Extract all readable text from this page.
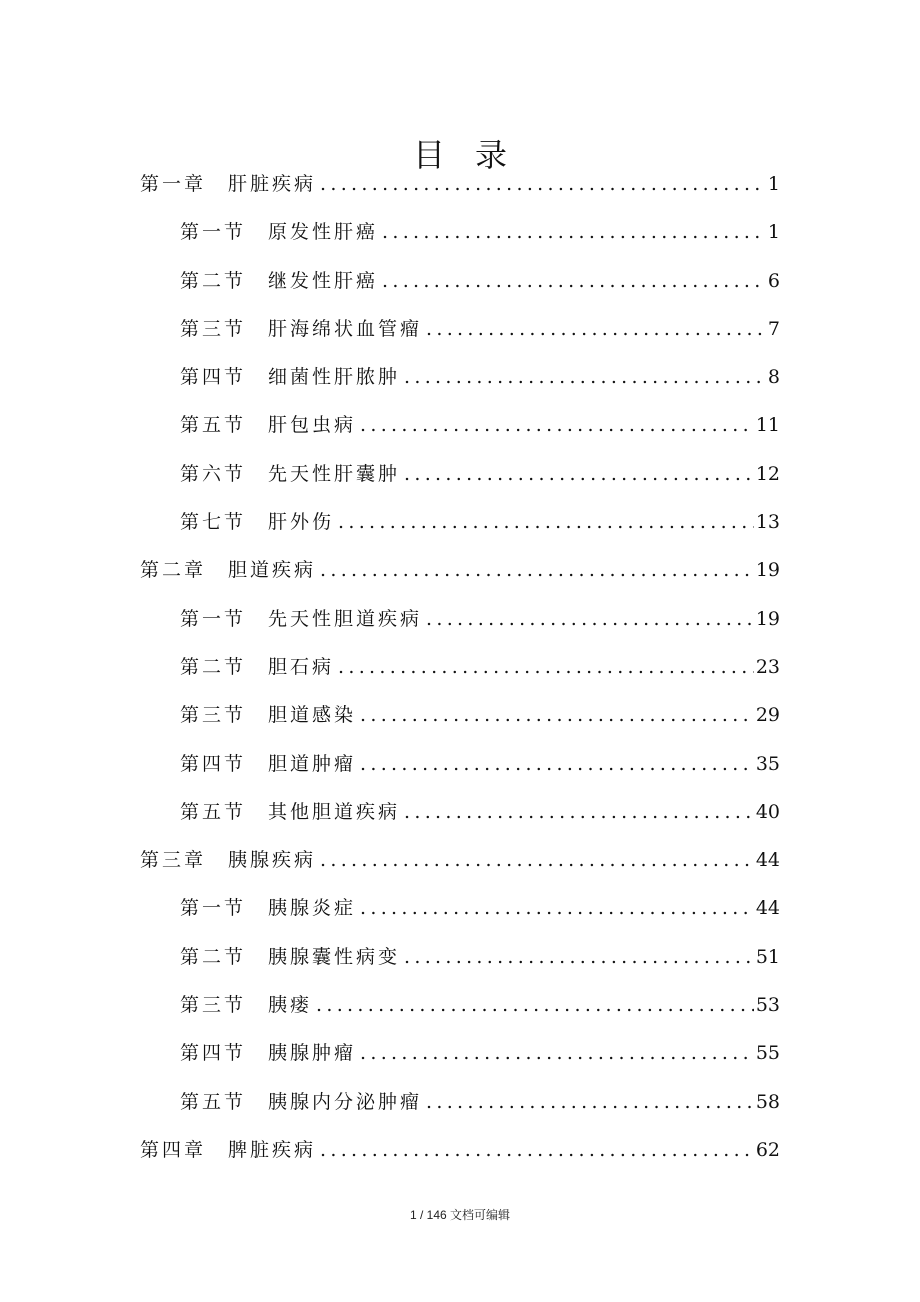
目录
第一章 肝脏疾病 .....	1
第一节 原发性肝癌 .....	1
第二节 继发性肝癌 .....	6
第三节 肝海绵状血管瘤 .....	7
第四节 细菌性肝脓肿 .....	8
第五节 肝包虫病 .....	11
第六节 先天性肝囊肿 .....	12
第七节 肝外伤 .....	13
第二章 胆道疾病 .....	19
第一节 先天性胆道疾病 .....	19
第二节 胆石病 .....	23
第三节 胆道感染 .....	29
第四节 胆道肿瘤 .....	35
第五节 其他胆道疾病 .....	40
第三章 胰腺疾病 .....	44
第一节 胰腺炎症 .....	44
第二节 胰腺囊性病变 .....	51
第三节 胰瘘 .....	53
第四节 胰腺肿瘤 .....	55
第五节 胰腺内分泌肿瘤 .....	58
第四章 脾脏疾病 .....	62
1 / 146 文档可编辑
